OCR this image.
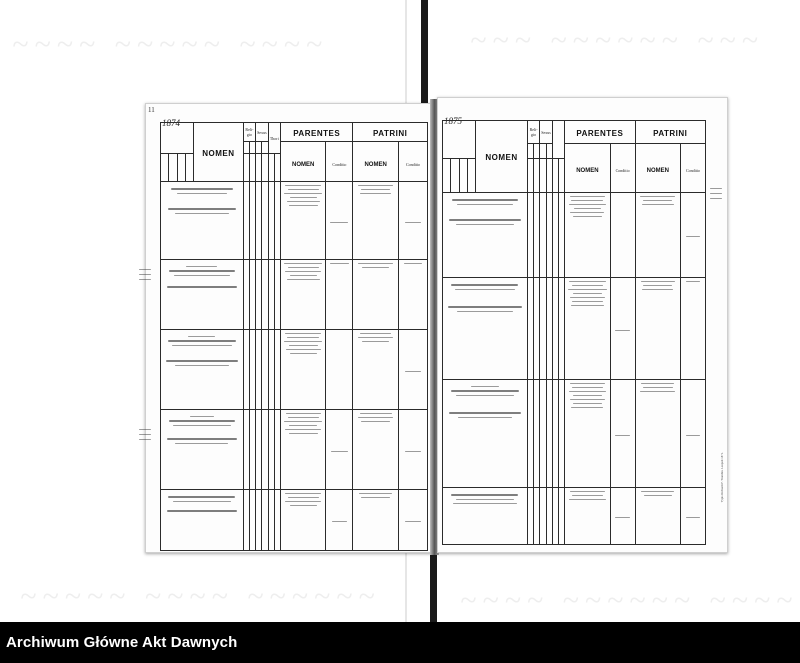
~~~~ ~~~~~ ~~~~	~~~ ~~~~~~ ~~~
~~~~~ ~~~~ ~~~~~~	~~~~ ~~~~~~ ~~~~
11
1874
				NOMEN	Reli-gio		Sexus		Thori		PARENTES		PATRINI	
											NOMEN	Conditio	NOMEN	Conditio

1875
				NOMEN	Reli-gio		Sexus				PARENTES		PATRINI	
											NOMEN	Conditio	NOMEN	Conditio

Typis Richardi F. Trombin. Leopoli 1871.
Archiwum Główne Akt Dawnych
